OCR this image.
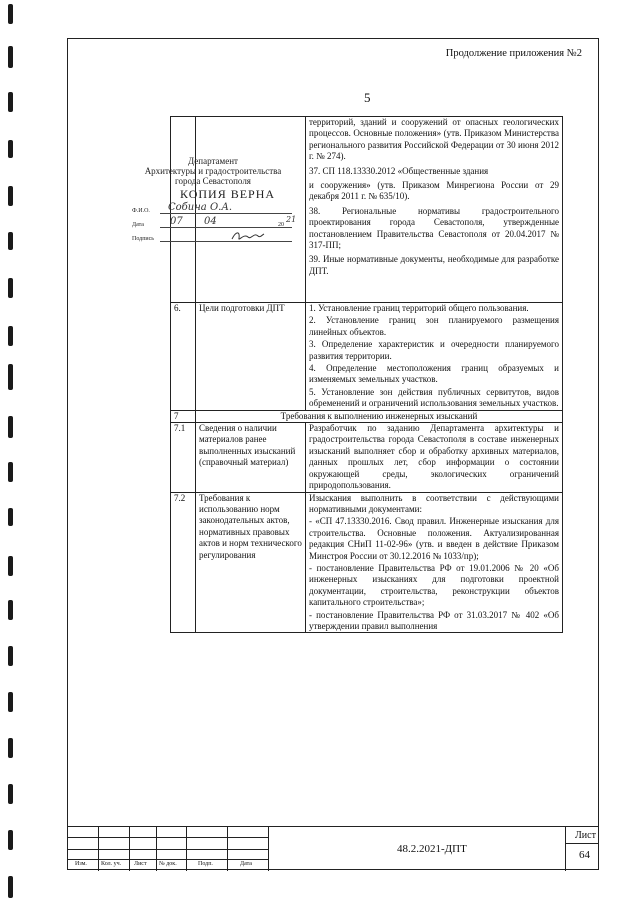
Продолжение приложения №2
5

		территорий, зданий и сооружений от опасных геологических процессов. Основные положения» (утв. Приказом Министерства регионального развития Российской Федерации от 30 июня 2012 г. № 274).
37. СП 118.13330.2012 «Общественные здания
и сооружения» (утв. Приказом Минрегиона России от 29 декабря 2011 г. № 635/10).
38. Региональные нормативы градостроительного проектирования города Севастополя, утвержденные постановлением Правительства Севастополя от 20.04.2017 № 317-ПП;
39. Иные нормативные документы, необходимые для разработке ДПТ.

6.	Цели подготовки ДПТ	1. Установление границ территорий общего пользования.
2. Установление границ зон планируемого размещения линейных объектов.
3. Определение характеристик и очередности планируемого развития территории.
4. Определение местоположения границ образуемых и изменяемых земельных участков.
5. Установление зон действия публичных сервитутов, видов обременений и ограничений использования земельных участков.

7	Требования к выполнению инженерных изысканий	
7.1	Сведения о наличии материалов ранее выполненных изысканий (справочный материал)	Разработчик по заданию Департамента архитектуры и градостроительства города Севастополя в составе инженерных изысканий выполняет сбор и обработку архивных материалов, данных прошлых лет, сбор информации о состоянии окружающей среды, экологических ограничений природопользования.

7.2	Требования к использованию норм законодательных актов, нормативных правовых актов и норм технического регулирования	Изыскания выполнить в соответствии с действующими нормативными документами:
- «СП 47.13330.2016. Свод правил. Инженерные изыскания для строительства. Основные положения. Актуализированная редакция СНиП 11-02-96» (утв. и введен в действие Приказом Минстроя России от 30.12.2016 № 1033/пр);
- постановление Правительства РФ от 19.01.2006 № 20 «Об инженерных изысканиях для подготовки проектной документации, строительства, реконструкции объектов капитального строительства»;
- постановление Правительства РФ от 31.03.2017 № 402 «Об утверждении правил выполнения
Департамент
Архитектуры и градостроительства
города Севастополя
КОПИЯ ВЕРНА
Ф.И.О. Собина О.А.
Дата	07 04	20
21
Подпись
Изм. Кол. уч. Лист № док.	Подп.	Дата
48.2.2021-ДПТ
Лист
64
